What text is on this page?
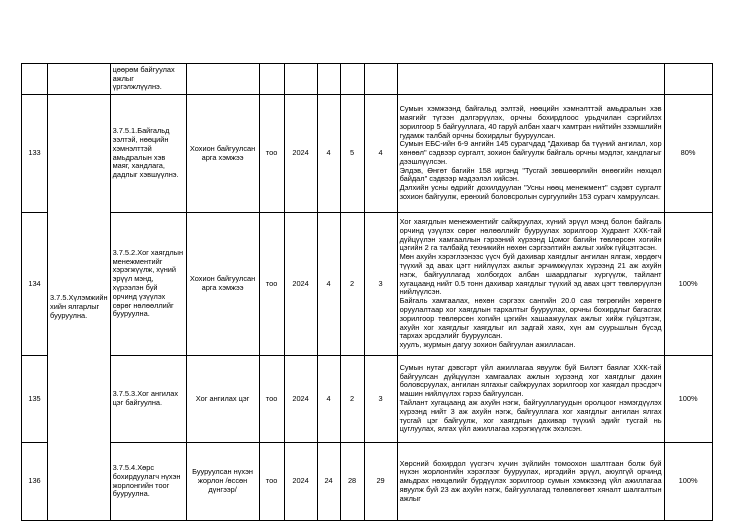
		цөөрөм байгуулах ажлыг үргэлжлүүлнэ.								
133	3.7.5.Хүлэмжийн хийн ялгарлыг бууруулна.	3.7.5.1.Байгальд ээлтэй, нөөцийн хэмнэлттэй амьдралын хэв маяг, хандлага, дадлыг хэвшүүлнэ.	Хохион байгуулсан арга хэмжээ	тоо	2024	4	5	4	Сумын хэмжээнд байгальд ээлтэй, нөөцийн хэмнэлттэй амьдралын хэв маягийг түгээн дэлгэрүүлэх, орчны бохирдлоос урьдчилан сэргийлэх зорилгоор 5 байгууллага, 40 гаруй албан хаагч хамтран нийтийн эзэмшлийн гудамж талбай орчны бохирдлыг бууруулсан.
Сумын ЕБС-ийн 6-9 ангийн 145 сурагчдад "Дахивар ба түүний ангилал, хор хөнөөл" сэдвээр сургалт, зохион байгуулж байгаль орчны мэдлэг, хандлагыг дээшлүүлсэн.
Элдэв, Өнгөт багийн 158 иргэнд "Тусгай зөвшөөрлийн өнөөгийн нөхцөл байдал" сэдвээр мэдээлэл хийсэн.
Дэлхийн усны өдрийг дохилдуулан "Усны нөөц менежмент" сэдэвт сургалт зохион байгуулж, ерөнхий боловсролын сургуулийн 153 сурагч хамруулсан.	80%
134		3.7.5.2.Хог хаягдлын менежментийг хэрэгжүүлж, хүний эрүүл мэнд, хүрээлэн буй орчинд үзүүлэх сөрөг нөлөөллийг бууруулна.	Хохион байгуулсан арга хэмжээ	тоо	2024	4	2	3	Хог хаягдлын менежментийг сайжруулах, хүний эрүүл мэнд болон байгаль орчинд үзүүлэх сөрөг нөлөөллийг бууруулах зорилгоор Худрант ХХК-тай дүйцүүлэн хамгааллын гэрээний хүрээнд Цомог багийн төвлөрсөн хогийн цэгийн 2 га талбайд техникийн нөхөн сэргээлтийн ажлыг хийж гүйцэтгэсэн.
Мөн ахуйн хэрэглээнээс үүсч буй дахивар хаягдлыг ангилан ялгаж, хөрдөгч түүхий эд авах цэгт нийлүүлэх ажлыг эрчимжүүлэх хүрээнд 21 аж ахуйн нэгж, байгууллагад холбогдох албан шаардлагыг хүргүүлж, тайлант хугацаанд нийт 0.5 тонн дахивар хаягдлыг түүхий эд авах цэгт төвлөрүүлэн нийлүүлсэн.
Байгаль хамгаалах, нөхөн сэргээх сангийн 20.0 сая төгрөгийн хөрөнгө оруулалтаар хог хаягдлын тархалтыг бууруулах, орчны бохирдлыг багасгах зорилгоор төвлөрсөн хогийн цэгийн хашаажуулах ажлыг хийж гүйцэтгэж, ахуйн хог хаягдлыг хаягдлыг ил задгай хаях, хүн ам суурьшлын бүсэд тархах эрсдэлийг бууруулсан.
хуулъ, журмын дагуу зохион байгуулан ажилласан.	100%
135		3.7.5.3.Хог ангилах цэг байгуулна.	Хог ангилах цэг	тоо	2024	4	2	3	Сумын нутаг дэвсгэрт үйл ажиллагаа явуулж буй Билэгт баялаг ХХК-тай байгуулсан дүйцүүлэн хамгаалах ажлын хүрээнд хог хаягдлыг дахин боловсруулах, ангилан ялгахыг сайжруулах зорилгоор хог хаягдал прэсдэгч машин нийлүүлэх гэрээ байгуулсан.
Тайлант хугацаанд аж ахуйн нэгж, байгууллагуудын оролцоог нэмэгдүүлэх хүрээнд нийт 3 аж ахуйн нэгж, байгууллага хог хаягдлыг ангилан ялгах тусгай цэг байгуулж, хог хаягдлын дахивар түүхий эдийг тусгай нь цуглуулах, ялгах үйл ажиллагаа хэрэгжүүлж эхэлсэн.	100%
136		3.7.5.4.Хөрс бохирдуулагч нүхэн жорлонгийн тоог бууруулна.	Бууруулсан нүхэн жорлон /өссөн дүнгээр/	тоо	2024	24	28	29	Хөрсний бохирдол үүсгэгч хүчин зүйлийн томоохон шалтгаан болж буй нүхэн жорлонгийн хэрэглээг бууруулах, иргэдийн эрүүл, аюулгүй орчинд амьдрах нөхцөлийг бүрдүүлэх зорилгоор сумын хэмжээнд үйл ажиллагаа явуулж буй 23 аж ахуйн нэгж, байгууллагад төлөвлөгөөт хяналт шалгалтын ажлыг	100%
